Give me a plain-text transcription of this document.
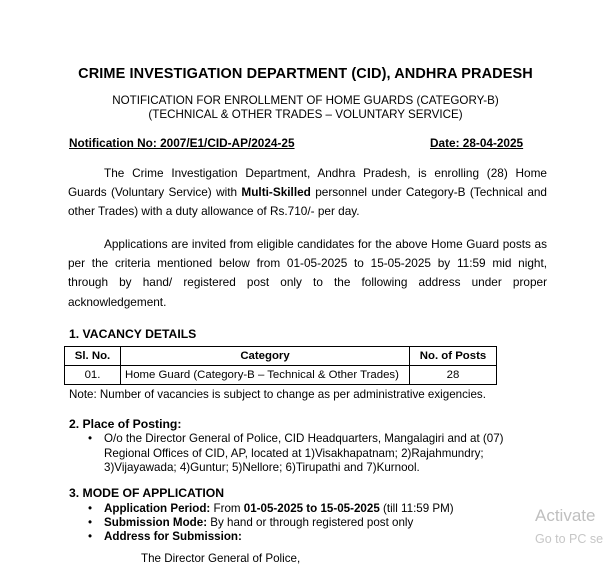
CRIME INVESTIGATION DEPARTMENT (CID), ANDHRA PRADESH
NOTIFICATION FOR ENROLLMENT OF HOME GUARDS (CATEGORY-B)
(TECHNICAL & OTHER TRADES – VOLUNTARY SERVICE)
Notification No: 2007/E1/CID-AP/2024-25	Date: 28-04-2025
The Crime Investigation Department, Andhra Pradesh, is enrolling (28) Home Guards (Voluntary Service) with Multi-Skilled personnel under Category-B (Technical and other Trades) with a duty allowance of Rs.710/- per day.
Applications are invited from eligible candidates for the above Home Guard posts as per the criteria mentioned below from 01-05-2025 to 15-05-2025 by 11:59 mid night, through by hand/ registered post only to the following address under proper acknowledgement.
1. VACANCY DETAILS
Sl. No.	Category	No. of Posts
01.	Home Guard (Category-B – Technical & Other Trades)	28
Note: Number of vacancies is subject to change as per administrative exigencies.
2. Place of Posting:
• O/o the Director General of Police, CID Headquarters, Mangalagiri and at (07)
Regional Offices of CID, AP, located at 1)Visakhapatnam; 2)Rajahmundry;
3)Vijayawada; 4)Guntur; 5)Nellore; 6)Tirupathi and 7)Kurnool.
3. MODE OF APPLICATION
• Application Period: From 01-05-2025 to 15-05-2025 (till 11:59 PM)
• Submission Mode: By hand or through registered post only
• Address for Submission:
The Director General of Police,
Activate
Go to PC se
